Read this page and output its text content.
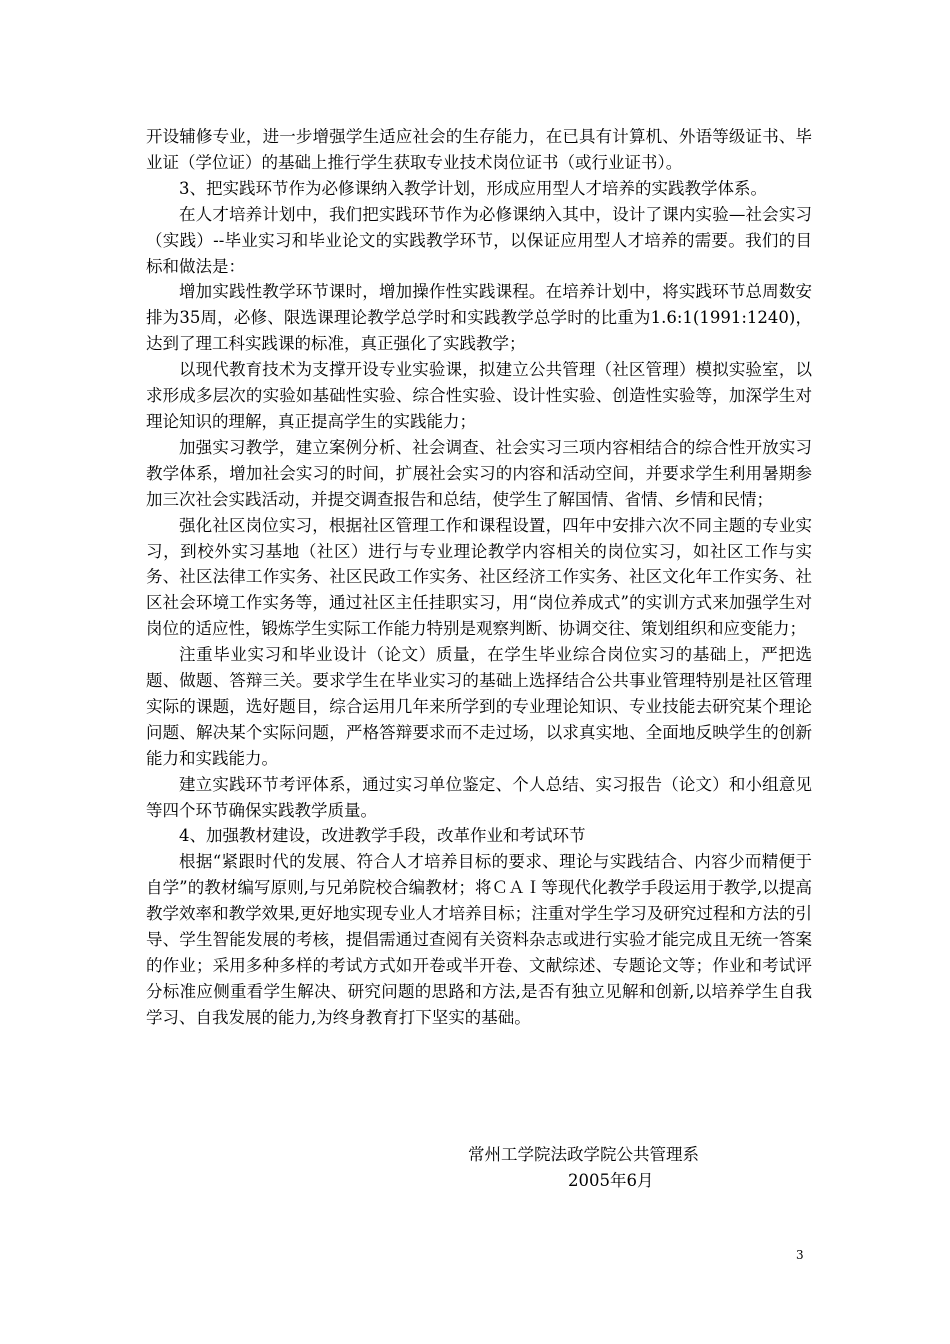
开设辅修专业，进一步增强学生适应社会的生存能力，在已具有计算机、外语等级证书、毕业证（学位证）的基础上推行学生获取专业技术岗位证书（或行业证书）。

3、把实践环节作为必修课纳入教学计划，形成应用型人才培养的实践教学体系。

在人才培养计划中，我们把实践环节作为必修课纳入其中，设计了课内实验—社会实习（实践）--毕业实习和毕业论文的实践教学环节，以保证应用型人才培养的需要。我们的目标和做法是：

增加实践性教学环节课时，增加操作性实践课程。在培养计划中，将实践环节总周数安排为35周，必修、限选课理论教学总学时和实践教学总学时的比重为1.6:1(1991:1240)，达到了理工科实践课的标准，真正强化了实践教学；

以现代教育技术为支撑开设专业实验课，拟建立公共管理（社区管理）模拟实验室，以求形成多层次的实验如基础性实验、综合性实验、设计性实验、创造性实验等，加深学生对理论知识的理解，真正提高学生的实践能力；

加强实习教学，建立案例分析、社会调查、社会实习三项内容相结合的综合性开放实习教学体系，增加社会实习的时间，扩展社会实习的内容和活动空间，并要求学生利用暑期参加三次社会实践活动，并提交调查报告和总结，使学生了解国情、省情、乡情和民情；

强化社区岗位实习，根据社区管理工作和课程设置，四年中安排六次不同主题的专业实习，到校外实习基地（社区）进行与专业理论教学内容相关的岗位实习，如社区工作与实务、社区法律工作实务、社区民政工作实务、社区经济工作实务、社区文化年工作实务、社区社会环境工作实务等，通过社区主任挂职实习，用“岗位养成式”的实训方式来加强学生对岗位的适应性，锻炼学生实际工作能力特别是观察判断、协调交往、策划组织和应变能力；

注重毕业实习和毕业设计（论文）质量，在学生毕业综合岗位实习的基础上，严把选题、做题、答辩三关。要求学生在毕业实习的基础上选择结合公共事业管理特别是社区管理实际的课题，选好题目，综合运用几年来所学到的专业理论知识、专业技能去研究某个理论问题、解决某个实际问题，严格答辩要求而不走过场，以求真实地、全面地反映学生的创新能力和实践能力。

建立实践环节考评体系，通过实习单位鉴定、个人总结、实习报告（论文）和小组意见等四个环节确保实践教学质量。

4、加强教材建设，改进教学手段，改革作业和考试环节

根据“紧跟时代的发展、符合人才培养目标的要求、理论与实践结合、内容少而精便于自学”的教材编写原则,与兄弟院校合编教材；将ＣＡＩ等现代化教学手段运用于教学,以提高教学效率和教学效果,更好地实现专业人才培养目标；注重对学生学习及研究过程和方法的引导、学生智能发展的考核，提倡需通过查阅有关资料杂志或进行实验才能完成且无统一答案的作业；采用多种多样的考试方式如开卷或半开卷、文献综述、专题论文等；作业和考试评分标准应侧重看学生解决、研究问题的思路和方法,是否有独立见解和创新,以培养学生自我学习、自我发展的能力,为终身教育打下坚实的基础。

常州工学院法政学院公共管理系
2005年6月
3
